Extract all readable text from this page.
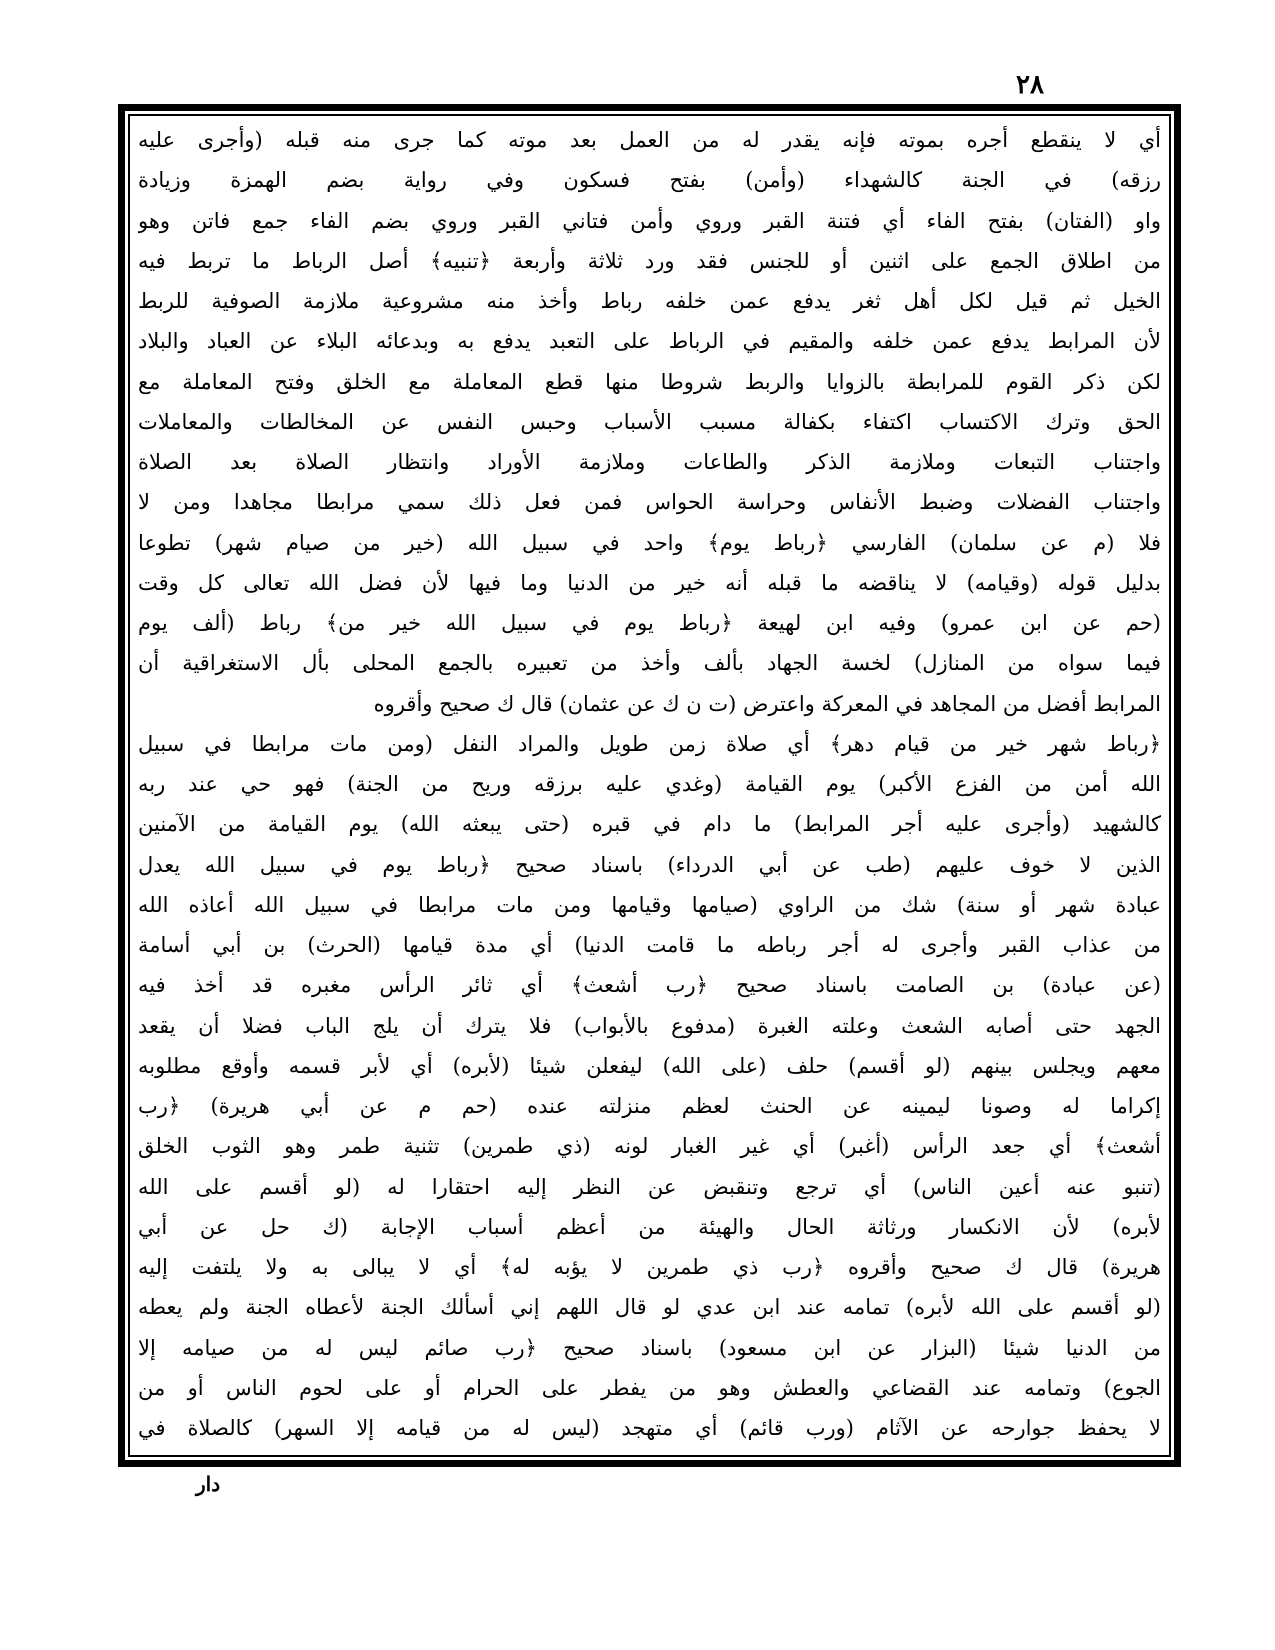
٢٨
أي لا ينقطع أجره بموته فإنه يقدر له من العمل بعد موته كما جرى منه قبله (وأجرى عليه
رزقه) في الجنة كالشهداء (وأمن) بفتح فسكون وفي رواية بضم الهمزة وزيادة
واو (الفتان) بفتح الفاء أي فتنة القبر وروي وأمن فتاني القبر وروي بضم الفاء جمع فاتن وهو
من اطلاق الجمع على اثنين أو للجنس فقد ورد ثلاثة وأربعة ﴿تنبيه﴾ أصل الرباط ما تربط فيه
الخيل ثم قيل لكل أهل ثغر يدفع عمن خلفه رباط وأخذ منه مشروعية ملازمة الصوفية للربط
لأن المرابط يدفع عمن خلفه والمقيم في الرباط على التعبد يدفع به وبدعائه البلاء عن العباد والبلاد
لكن ذكر القوم للمرابطة بالزوايا والربط شروطا منها قطع المعاملة مع الخلق وفتح المعاملة مع
الحق وترك الاكتساب اكتفاء بكفالة مسبب الأسباب وحبس النفس عن المخالطات والمعاملات
واجتناب التبعات وملازمة الذكر والطاعات وملازمة الأوراد وانتظار الصلاة بعد الصلاة
واجتناب الفضلات وضبط الأنفاس وحراسة الحواس فمن فعل ذلك سمي مرابطا مجاهدا ومن لا
فلا (م عن سلمان) الفارسي ﴿رباط يوم﴾ واحد في سبيل الله (خير من صيام شهر) تطوعا
بدليل قوله (وقيامه) لا يناقضه ما قبله أنه خير من الدنيا وما فيها لأن فضل الله تعالى كل وقت
(حم عن ابن عمرو) وفيه ابن لهيعة ﴿رباط يوم في سبيل الله خير من﴾ رباط (ألف يوم
فيما سواه من المنازل) لخسة الجهاد بألف وأخذ من تعبيره بالجمع المحلى بأل الاستغراقية أن
المرابط أفضل من المجاهد في المعركة واعترض (ت ن ك عن عثمان) قال ك صحيح وأقروه
﴿رباط شهر خير من قيام دهر﴾ أي صلاة زمن طويل والمراد النفل (ومن مات مرابطا في سبيل
الله أمن من الفزع الأكبر) يوم القيامة (وغدي عليه برزقه وريح من الجنة) فهو حي عند ربه
كالشهيد (وأجرى عليه أجر المرابط) ما دام في قبره (حتى يبعثه الله) يوم القيامة من الآمنين
الذين لا خوف عليهم (طب عن أبي الدرداء) باسناد صحيح ﴿رباط يوم في سبيل الله يعدل
عبادة شهر أو سنة) شك من الراوي (صيامها وقيامها ومن مات مرابطا في سبيل الله أعاذه الله
من عذاب القبر وأجرى له أجر رباطه ما قامت الدنيا) أي مدة قيامها (الحرث) بن أبي أسامة
(عن عبادة) بن الصامت باسناد صحيح ﴿رب أشعث﴾ أي ثائر الرأس مغبره قد أخذ فيه
الجهد حتى أصابه الشعث وعلته الغبرة (مدفوع بالأبواب) فلا يترك أن يلج الباب فضلا أن يقعد
معهم ويجلس بينهم (لو أقسم) حلف (على الله) ليفعلن شيئا (لأبره) أي لأبر قسمه وأوقع مطلوبه
إكراما له وصونا ليمينه عن الحنث لعظم منزلته عنده (حم م عن أبي هريرة) ﴿رب
أشعث﴾ أي جعد الرأس (أغبر) أي غير الغبار لونه (ذي طمرين) تثنية طمر وهو الثوب الخلق
(تنبو عنه أعين الناس) أي ترجع وتنقبض عن النظر إليه احتقارا له (لو أقسم على الله
لأبره) لأن الانكسار ورثاثة الحال والهيئة من أعظم أسباب الإجابة (ك حل عن أبي
هريرة) قال ك صحيح وأقروه ﴿رب ذي طمرين لا يؤبه له﴾ أي لا يبالى به ولا يلتفت إليه
(لو أقسم على الله لأبره) تمامه عند ابن عدي لو قال اللهم إني أسألك الجنة لأعطاه الجنة ولم يعطه
من الدنيا شيئا (البزار عن ابن مسعود) باسناد صحيح ﴿رب صائم ليس له من صيامه إلا
الجوع) وتمامه عند القضاعي والعطش وهو من يفطر على الحرام أو على لحوم الناس أو من
لا يحفظ جوارحه عن الآثام (ورب قائم) أي متهجد (ليس له من قيامه إلا السهر) كالصلاة في
دار
